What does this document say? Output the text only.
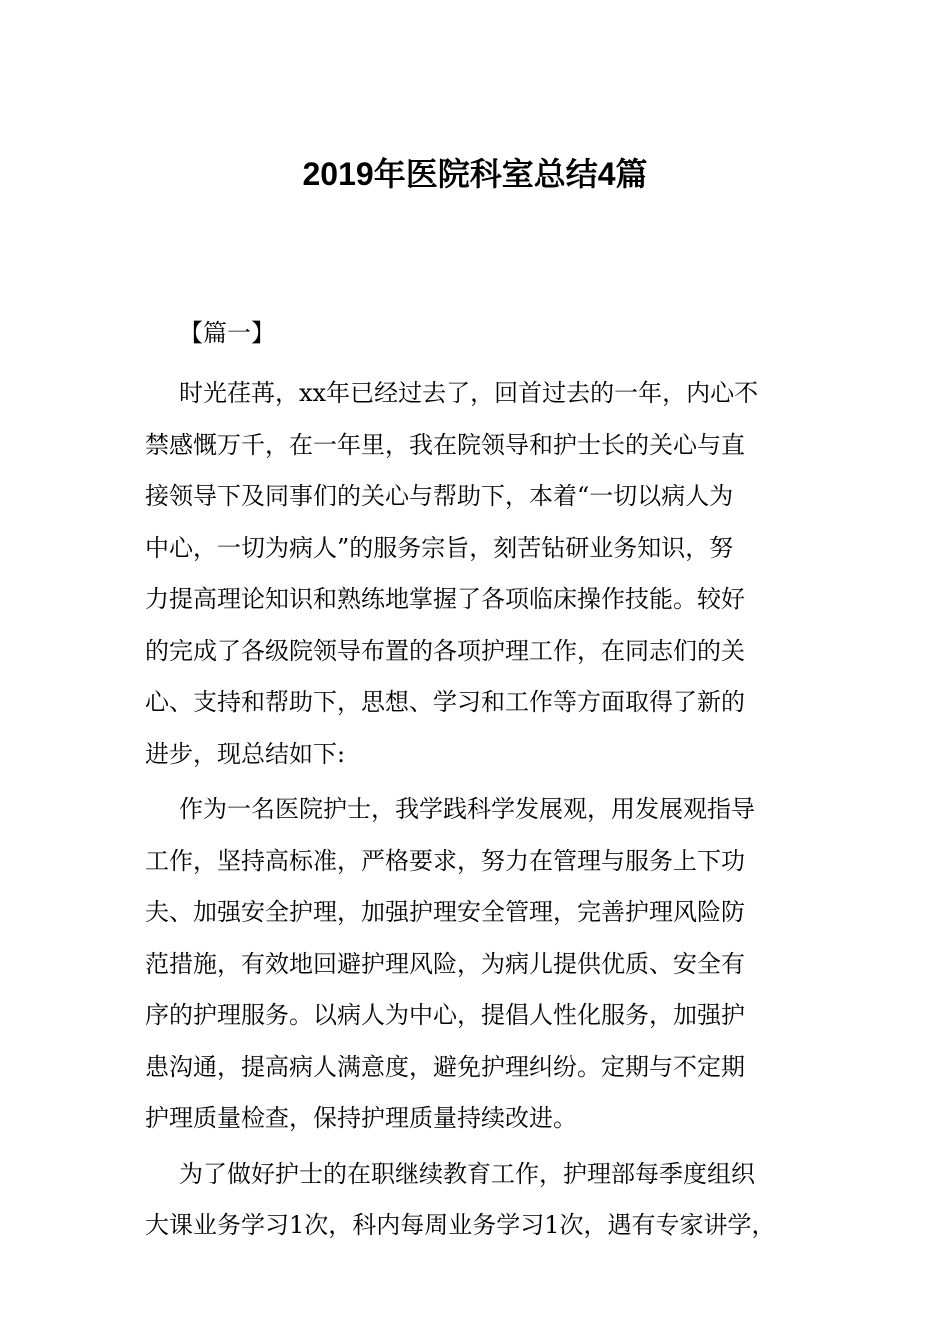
2019年医院科室总结4篇
【篇一】
时光荏苒，xx年已经过去了，回首过去的一年，内心不
禁感慨万千，在一年里，我在院领导和护士长的关心与直
接领导下及同事们的关心与帮助下，本着“一切以病人为
中心，一切为病人”的服务宗旨，刻苦钻研业务知识，努
力提高理论知识和熟练地掌握了各项临床操作技能。较好
的完成了各级院领导布置的各项护理工作，在同志们的关
心、支持和帮助下，思想、学习和工作等方面取得了新的
进步，现总结如下:
作为一名医院护士，我学践科学发展观，用发展观指导
工作，坚持高标准，严格要求，努力在管理与服务上下功
夫、加强安全护理，加强护理安全管理，完善护理风险防
范措施，有效地回避护理风险，为病儿提供优质、安全有
序的护理服务。以病人为中心，提倡人性化服务，加强护
患沟通，提高病人满意度，避免护理纠纷。定期与不定期
护理质量检查，保持护理质量持续改进。
为了做好护士的在职继续教育工作，护理部每季度组织
大课业务学习1次，科内每周业务学习1次，遇有专家讲学，
